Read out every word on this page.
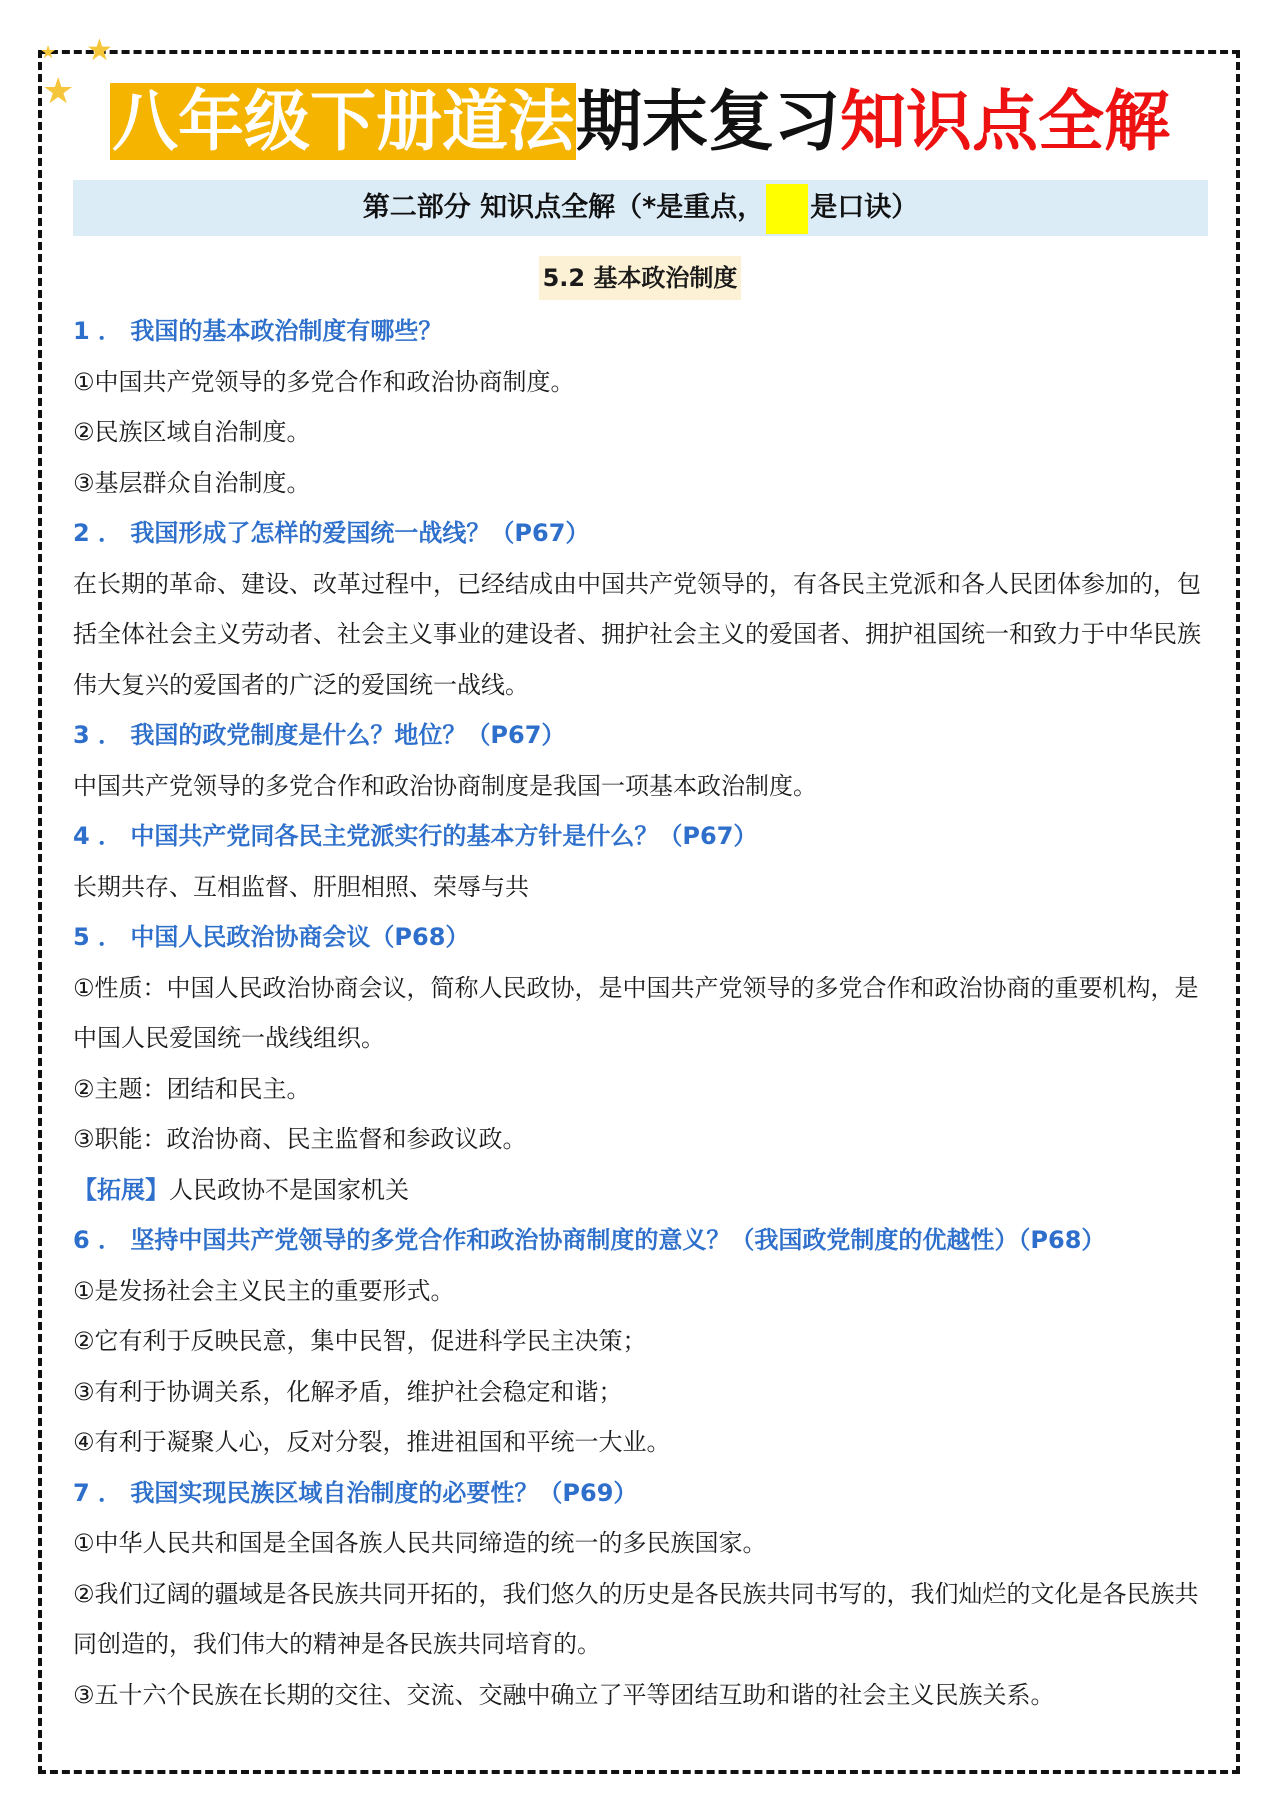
★ ★
★ 八年级下册道法期末复习知识点全解
第二部分 知识点全解（*是重点， 是口诀）
5.2 基本政治制度

1 ． 我国的基本政治制度有哪些？

①中国共产党领导的多党合作和政治协商制度。

②民族区域自治制度。

③基层群众自治制度。

2 ． 我国形成了怎样的爱国统一战线？（P67）

在长期的革命、建设、改革过程中，已经结成由中国共产党领导的，有各民主党派和各人民团体参加的，包括全体社会主义劳动者、社会主义事业的建设者、拥护社会主义的爱国者、拥护祖国统一和致力于中华民族伟大复兴的爱国者的广泛的爱国统一战线。

3 ． 我国的政党制度是什么？地位？（P67）

中国共产党领导的多党合作和政治协商制度是我国一项基本政治制度。

4 ． 中国共产党同各民主党派实行的基本方针是什么？（P67）

长期共存、互相监督、肝胆相照、荣辱与共

5 ． 中国人民政治协商会议（P68）

①性质：中国人民政治协商会议，简称人民政协，是中国共产党领导的多党合作和政治协商的重要机构，是中国人民爱国统一战线组织。

②主题：团结和民主。

③职能：政治协商、民主监督和参政议政。

【拓展】人民政协不是国家机关

6 ． 坚持中国共产党领导的多党合作和政治协商制度的意义？（我国政党制度的优越性）（P68）

①是发扬社会主义民主的重要形式。

②它有利于反映民意，集中民智，促进科学民主决策；

③有利于协调关系，化解矛盾，维护社会稳定和谐；

④有利于凝聚人心，反对分裂，推进祖国和平统一大业。

7 ． 我国实现民族区域自治制度的必要性？（P69）

①中华人民共和国是全国各族人民共同缔造的统一的多民族国家。

②我们辽阔的疆域是各民族共同开拓的，我们悠久的历史是各民族共同书写的，我们灿烂的文化是各民族共同创造的，我们伟大的精神是各民族共同培育的。

③五十六个民族在长期的交往、交流、交融中确立了平等团结互助和谐的社会主义民族关系。
